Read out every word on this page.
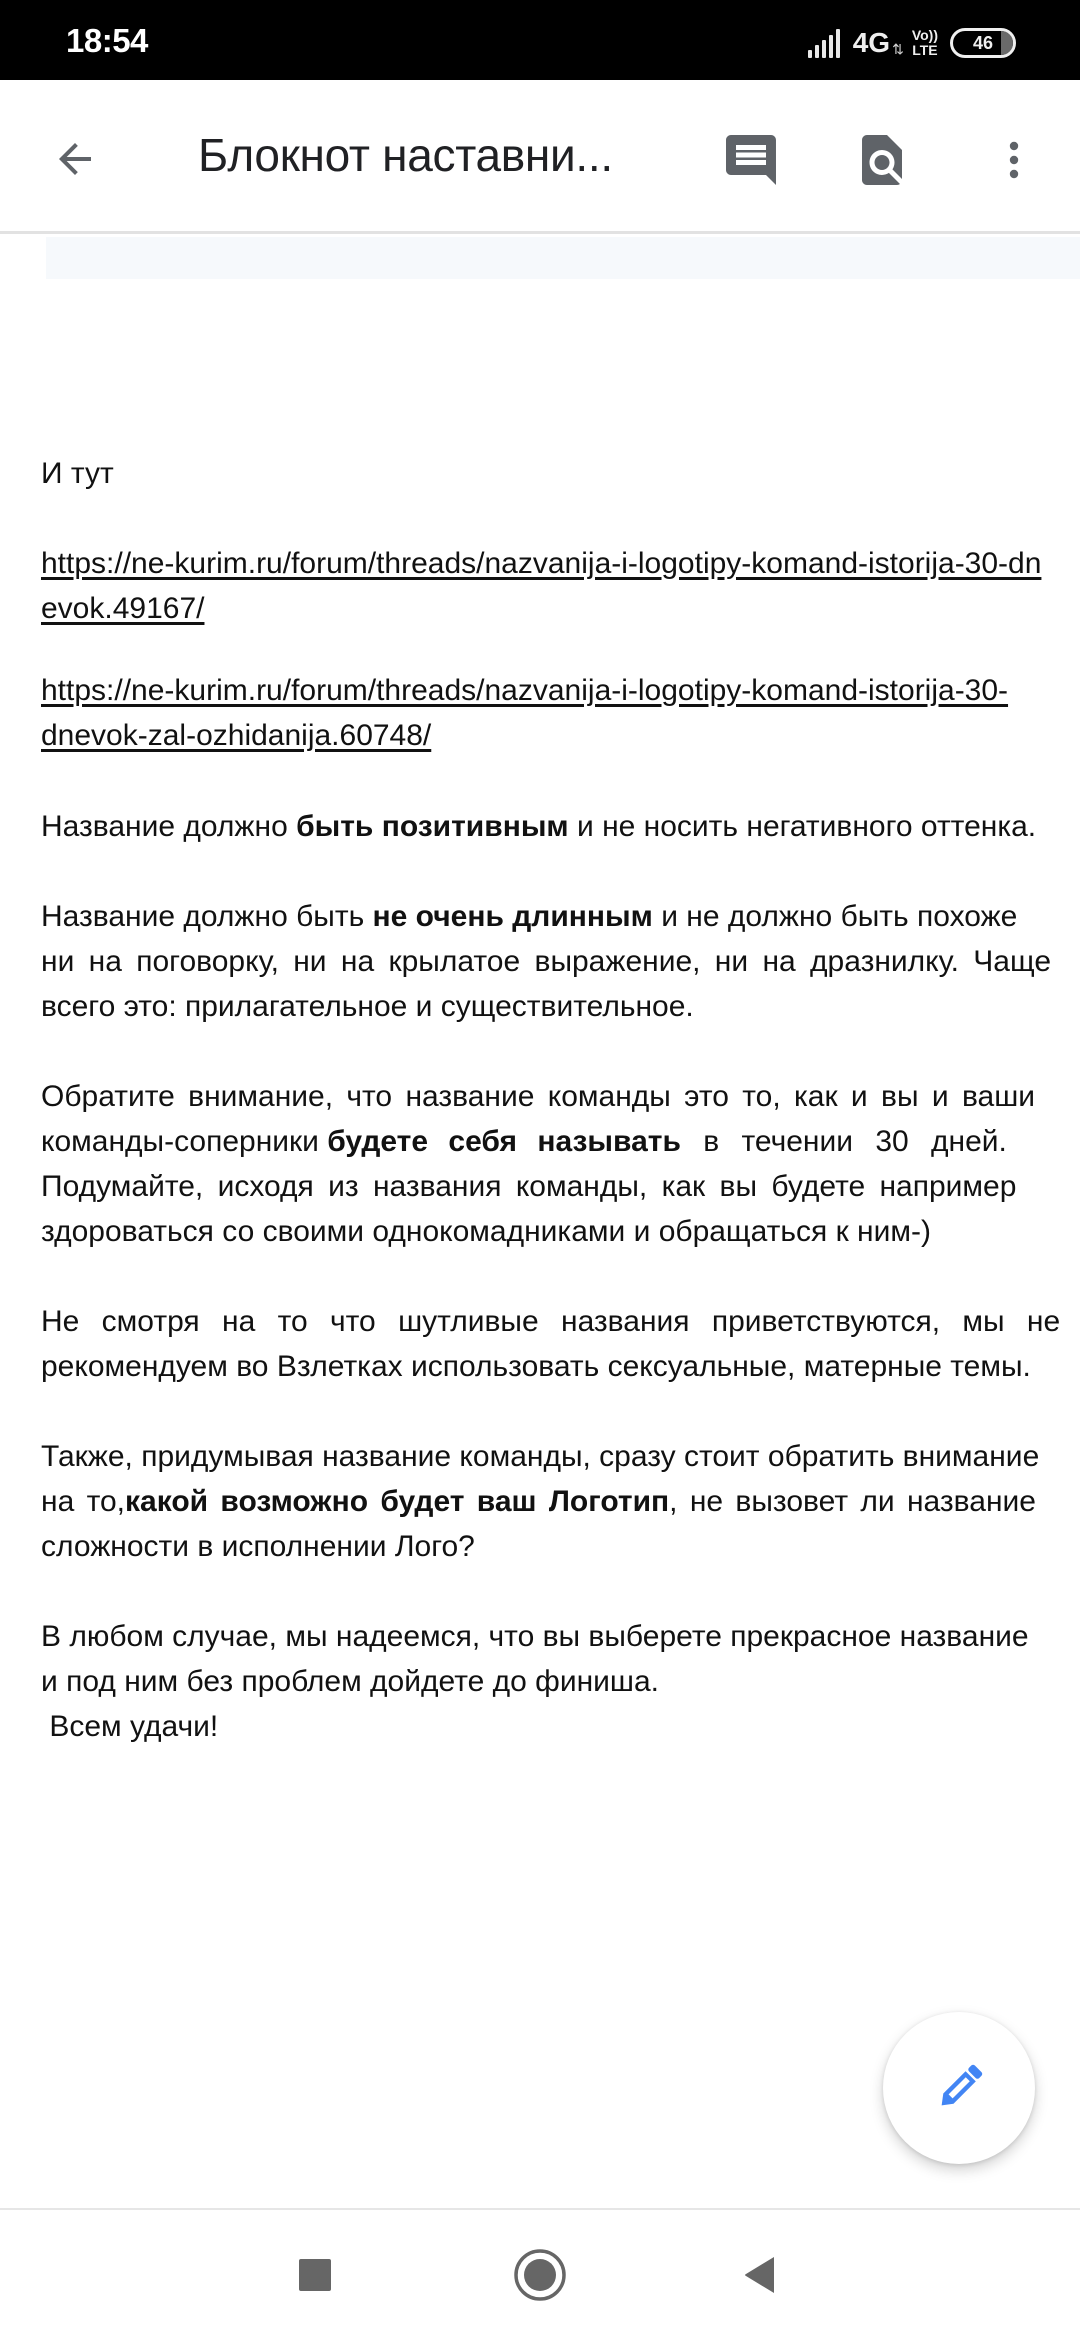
18:54	4G ⇅
Vo))
LTE 46
Блокнот наставни...

И тут

https://ne-kurim.ru/forum/threads/nazvanija-i-logotipy-komand-istorija-30-dn
evok.49167/

https://ne-kurim.ru/forum/threads/nazvanija-i-logotipy-komand-istorija-30-
dnevok-zal-ozhidanija.60748/

Название должно быть позитивным и не носить негативного оттенка.

Название должно быть не очень длинным и не должно быть похоже
ни на поговорку, ни на крылатое выражение, ни на дразнилку. Чаще
всего это: прилагательное и существительное.

Обратите внимание, что название команды это то, как и вы и ваши
команды-соперники будете себя называть в течении 30 дней.
Подумайте, исходя из названия команды, как вы будете например
здороваться со своими однокомадниками и обращаться к ним-)

Не смотря на то что шутливые названия приветствуются, мы не
рекомендуем во Взлетках использовать сексуальные, матерные темы.

Также, придумывая название команды, сразу стоит обратить внимание
на то,какой возможно будет ваш Логотип, не вызовет ли название
сложности в исполнении Лого?

В любом случае, мы надеемся, что вы выберете прекрасное название
и под ним без проблем дойдете до финиша.

Всем удачи!
